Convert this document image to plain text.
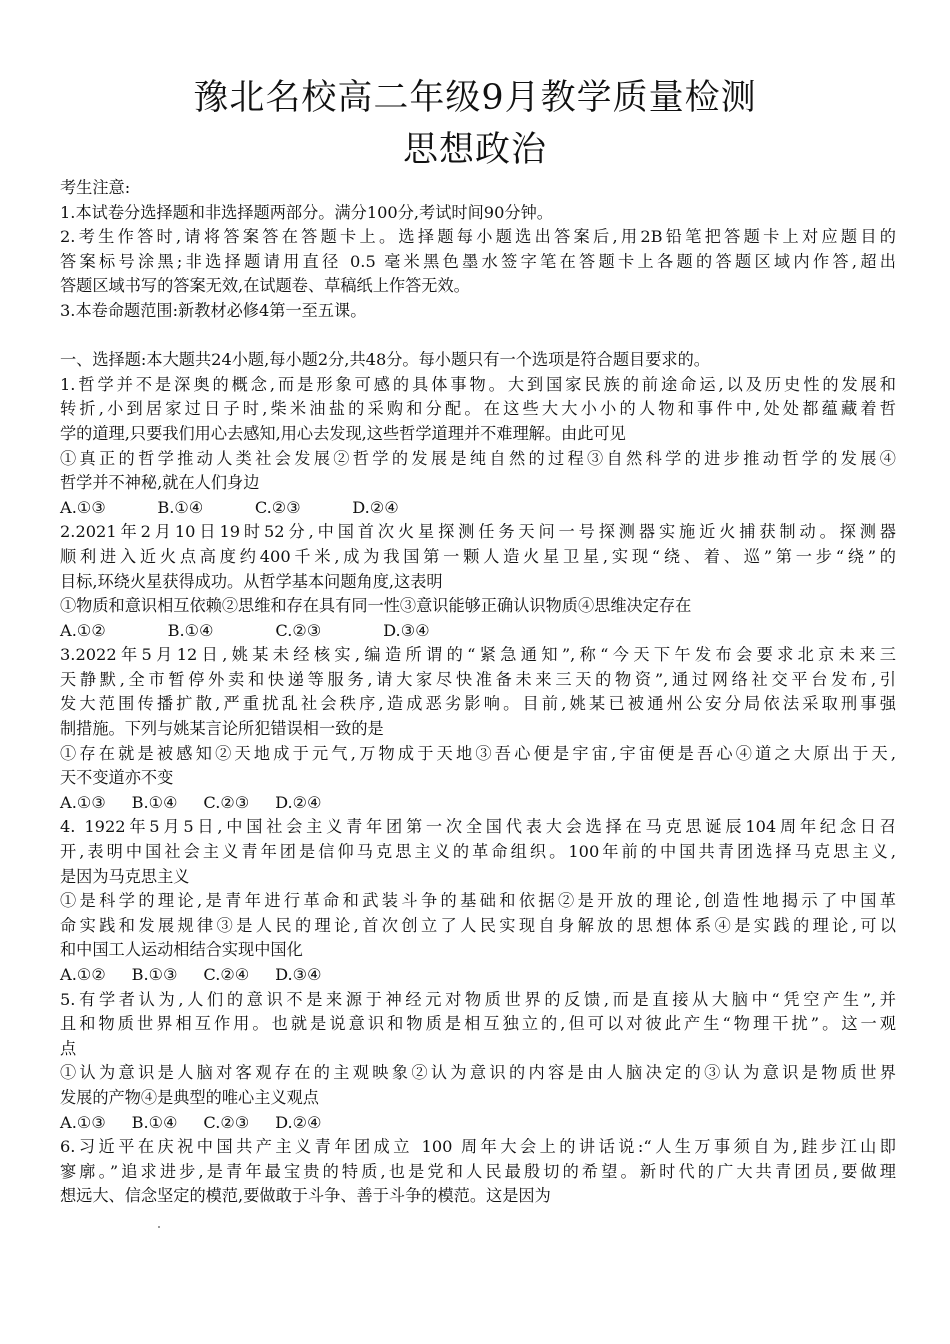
豫北名校高二年级9月教学质量检测
思想政治
考生注意:
1.本试卷分选择题和非选择题两部分。满分100分,考试时间90分钟。
2.考生作答时,请将答案答在答题卡上。选择题每小题选出答案后,用2B铅笔把答题卡上对应题目的
答案标号涂黑;非选择题请用直径 0.5 毫米黑色墨水签字笔在答题卡上各题的答题区域内作答,超出
答题区域书写的答案无效,在试题卷、草稿纸上作答无效。
3.本卷命题范围:新教材必修4第一至五课。
一、选择题:本大题共24小题,每小题2分,共48分。每小题只有一个选项是符合题目要求的。
1.哲学并不是深奥的概念,而是形象可感的具体事物。大到国家民族的前途命运,以及历史性的发展和
转折,小到居家过日子时,柴米油盐的采购和分配。在这些大大小小的人物和事件中,处处都蕴藏着哲
学的道理,只要我们用心去感知,用心去发现,这些哲学道理并不难理解。由此可见
①真正的哲学推动人类社会发展②哲学的发展是纯自然的过程③自然科学的进步推动哲学的发展④
哲学并不神秘,就在人们身边
A.①③          B.①④          C.②③          D.②④
2.2021年2月10日19时52分,中国首次火星探测任务天问一号探测器实施近火捕获制动。探测器
顺利进入近火点高度约400千米,成为我国第一颗人造火星卫星,实现“绕、着、巡”第一步“绕”的
目标,环绕火星获得成功。从哲学基本问题角度,这表明
①物质和意识相互依赖②思维和存在具有同一性③意识能够正确认识物质④思维决定存在
A.①②            B.①④            C.②③            D.③④
3.2022年5月12日,姚某未经核实,编造所谓的“紧急通知”,称“今天下午发布会要求北京未来三
天静默,全市暂停外卖和快递等服务,请大家尽快准备未来三天的物资”,通过网络社交平台发布,引
发大范围传播扩散,严重扰乱社会秩序,造成恶劣影响。目前,姚某已被通州公安分局依法采取刑事强
制措施。下列与姚某言论所犯错误相一致的是
①存在就是被感知②天地成于元气,万物成于天地③吾心便是宇宙,宇宙便是吾心④道之大原出于天,
天不变道亦不变
A.①③     B.①④     C.②③     D.②④
4. 1922年5月5日,中国社会主义青年团第一次全国代表大会选择在马克思诞辰104周年纪念日召
开,表明中国社会主义青年团是信仰马克思主义的革命组织。100年前的中国共青团选择马克思主义,
是因为马克思主义
①是科学的理论,是青年进行革命和武装斗争的基础和依据②是开放的理论,创造性地揭示了中国革
命实践和发展规律③是人民的理论,首次创立了人民实现自身解放的思想体系④是实践的理论,可以
和中国工人运动相结合实现中国化
A.①②     B.①③     C.②④     D.③④
5.有学者认为,人们的意识不是来源于神经元对物质世界的反馈,而是直接从大脑中“凭空产生”,并
且和物质世界相互作用。也就是说意识和物质是相互独立的,但可以对彼此产生“物理干扰”。这一观
点
①认为意识是人脑对客观存在的主观映象②认为意识的内容是由人脑决定的③认为意识是物质世界
发展的产物④是典型的唯心主义观点
A.①③     B.①④     C.②③     D.②④
6.习近平在庆祝中国共产主义青年团成立 100 周年大会上的讲话说:“人生万事须自为,跬步江山即
寥廓。”追求进步,是青年最宝贵的特质,也是党和人民最殷切的希望。新时代的广大共青团员,要做理
想远大、信念坚定的模范,要做敢于斗争、善于斗争的模范。这是因为
